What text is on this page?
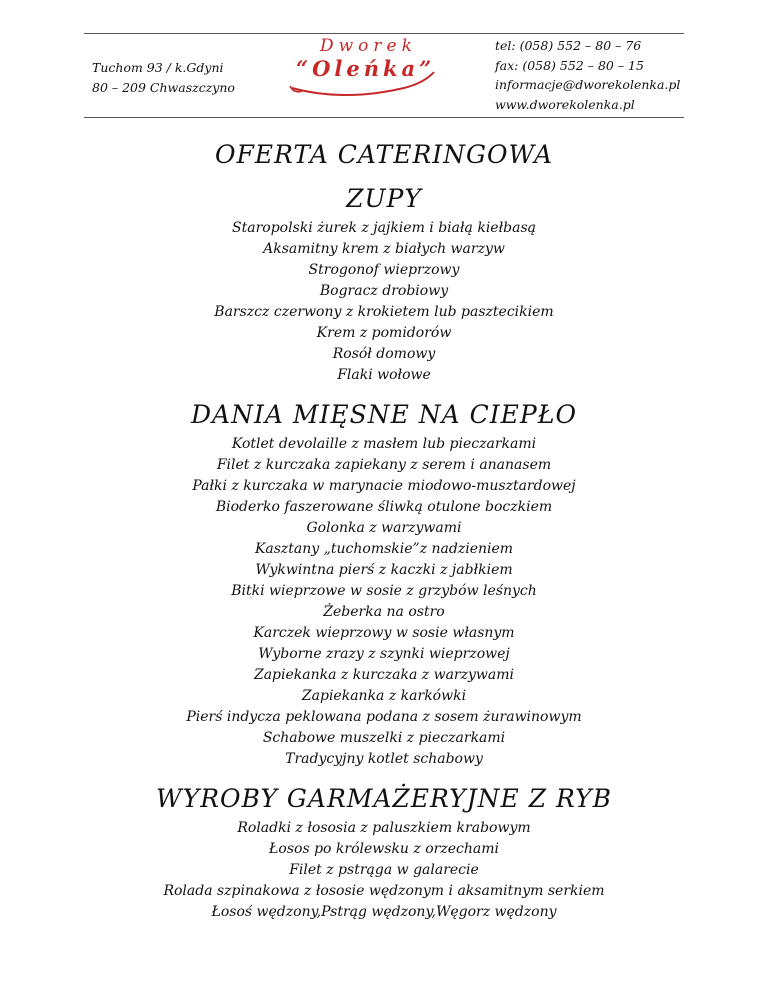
Tuchom 93 / k.Gdyni
80 – 209 Chwaszczyno
Dworek
“Oleńka”
tel: (058) 552 – 80 – 76
fax: (058) 552 – 80 – 15
informacje@dworekolenka.pl
www.dworekolenka.pl
OFERTA CATERINGOWA
ZUPY
Staropolski żurek z jajkiem i białą kiełbasą
Aksamitny krem z białych warzyw
Strogonof wieprzowy
Bogracz drobiowy
Barszcz czerwony z krokietem lub pasztecikiem
Krem z pomidorów
Rosół domowy
Flaki wołowe
DANIA MIĘSNE NA CIEPŁO
Kotlet devolaille z masłem lub pieczarkami
Filet z kurczaka zapiekany z serem i ananasem
Pałki z kurczaka w marynacie miodowo-musztardowej
Bioderko faszerowane śliwką otulone boczkiem
Golonka z warzywami
Kasztany „tuchomskie”z nadzieniem
Wykwintna pierś z kaczki z jabłkiem
Bitki wieprzowe w sosie z grzybów leśnych
Żeberka na ostro
Karczek wieprzowy w sosie własnym
Wyborne zrazy z szynki wieprzowej
Zapiekanka z kurczaka z warzywami
Zapiekanka z karkówki
Pierś indycza peklowana podana z sosem żurawinowym
Schabowe muszelki z pieczarkami
Tradycyjny kotlet schabowy
WYROBY GARMAŻERYJNE Z RYB
Roladki z łososia z paluszkiem krabowym
Łosos po królewsku z orzechami
Filet z pstrąga w galarecie
Rolada szpinakowa z łososie wędzonym i aksamitnym serkiem
Łosoś wędzony,Pstrąg wędzony,Węgorz wędzony
